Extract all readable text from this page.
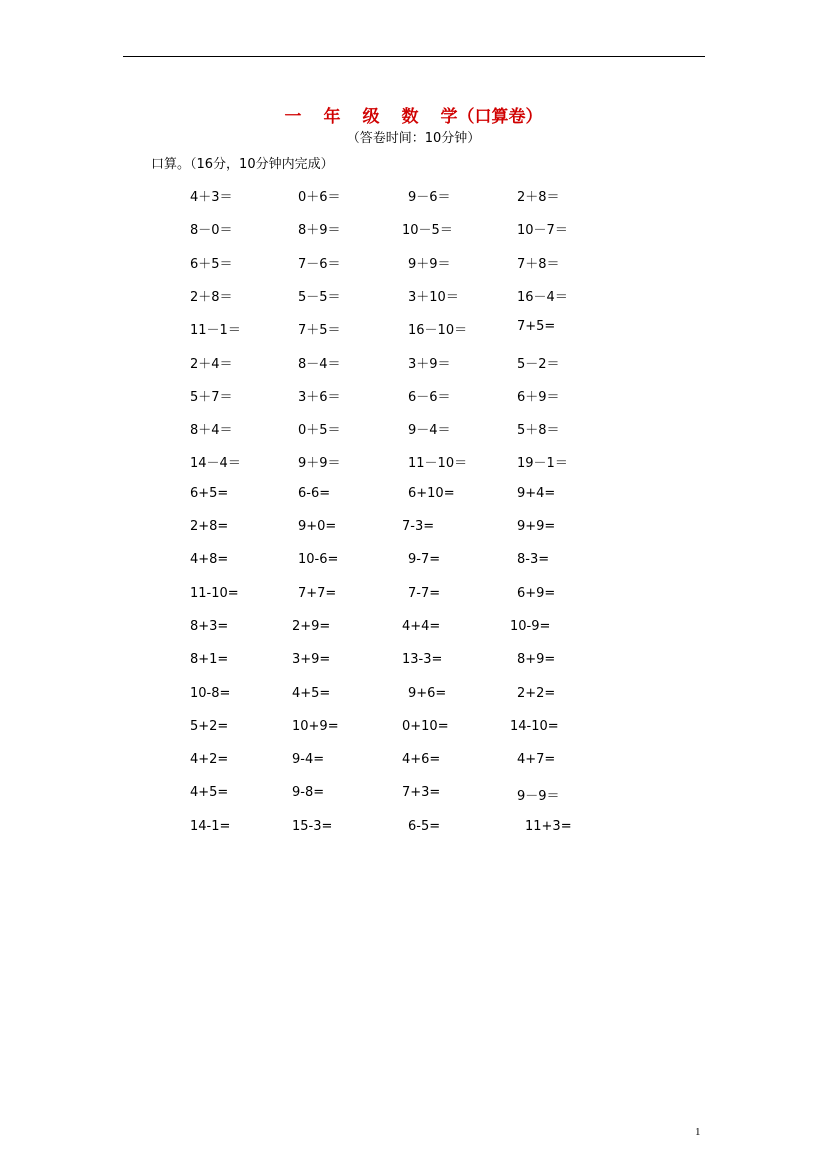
一 年 级 数 学（口算卷）
（答卷时间：10分钟）
口算。（16分，10分钟内完成）
4＋3＝	0＋6＝	9－6＝	2＋8＝
8－0＝	8＋9＝	10－5＝	10－7＝
6＋5＝	7－6＝	9＋9＝	7＋8＝
2＋8＝	5－5＝	3＋10＝	16－4＝
11－1＝	7＋5＝	16－10＝	7+5=
2＋4＝	8－4＝	3＋9＝	5－2＝
5＋7＝	3＋6＝	6－6＝	6＋9＝
8＋4＝	0＋5＝	9－4＝	5＋8＝
14－4＝	9＋9＝	11－10＝	19－1＝
6+5=	6-6=	6+10=	9+4=
2+8=	9+0=	7-3=	9+9=
4+8=	10-6=	9-7=	8-3=
11-10=	7+7=	7-7=	6+9=
8+3=	2+9=	4+4=	10-9=
8+1=	3+9=	13-3=	8+9=
10-8=	4+5=	9+6=	2+2=
5+2=	10+9=	0+10=	14-10=
4+2=	9-4=	4+6=	4+7=
4+5=	9-8=	7+3=	9－9＝
14-1=	15-3=	6-5=	11+3=
1
